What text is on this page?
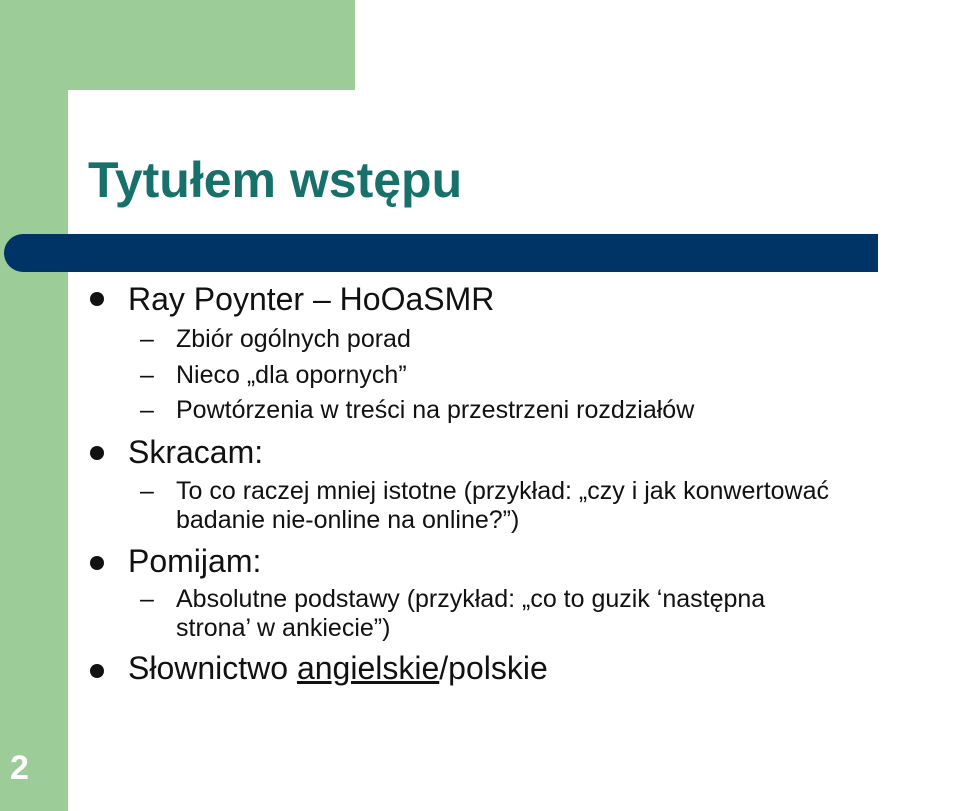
Tytułem wstępu
Ray Poynter – HoOaSMR
– Zbiór ogólnych porad
– Nieco „dla opornych”
– Powtórzenia w treści na przestrzeni rozdziałów
Skracam:
– To co raczej mniej istotne (przykład: „czy i jak konwertować
badanie nie-online na online?”)
Pomijam:
– Absolutne podstawy (przykład: „co to guzik ‘następna
strona’ w ankiecie”)
Słownictwo angielskie/polskie
2
